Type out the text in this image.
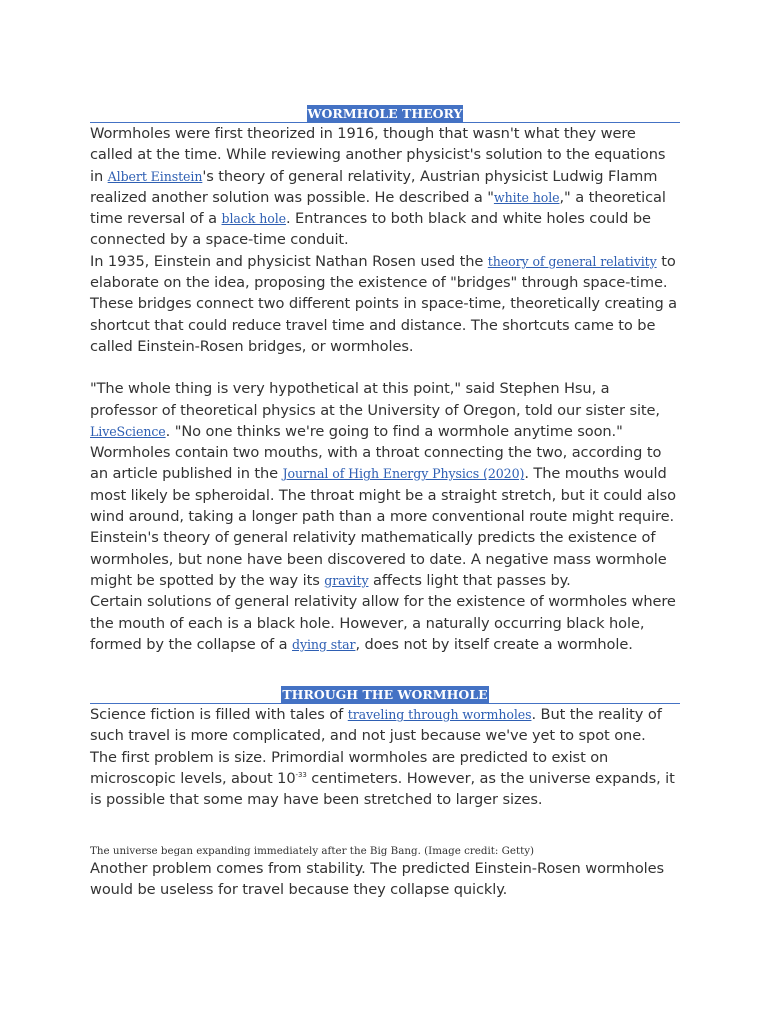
WORMHOLE THEORY

Wormholes were first theorized in 1916, though that wasn't what they were called at the time. While reviewing another physicist's solution to the equations in Albert Einstein's theory of general relativity, Austrian physicist Ludwig Flamm realized another solution was possible. He described a "white hole," a theoretical time reversal of a black hole. Entrances to both black and white holes could be connected by a space-time conduit.

In 1935, Einstein and physicist Nathan Rosen used the theory of general relativity to elaborate on the idea, proposing the existence of "bridges" through space-time. These bridges connect two different points in space-time, theoretically creating a shortcut that could reduce travel time and distance. The shortcuts came to be called Einstein-Rosen bridges, or wormholes.

"The whole thing is very hypothetical at this point," said Stephen Hsu, a professor of theoretical physics at the University of Oregon, told our sister site, LiveScience. "No one thinks we're going to find a wormhole anytime soon."

Wormholes contain two mouths, with a throat connecting the two, according to an article published in the Journal of High Energy Physics (2020). The mouths would most likely be spheroidal. The throat might be a straight stretch, but it could also wind around, taking a longer path than a more conventional route might require.

Einstein's theory of general relativity mathematically predicts the existence of wormholes, but none have been discovered to date. A negative mass wormhole might be spotted by the way its gravity affects light that passes by.

Certain solutions of general relativity allow for the existence of wormholes where the mouth of each is a black hole. However, a naturally occurring black hole, formed by the collapse of a dying star, does not by itself create a wormhole.

THROUGH THE WORMHOLE

Science fiction is filled with tales of traveling through wormholes. But the reality of such travel is more complicated, and not just because we've yet to spot one.

The first problem is size. Primordial wormholes are predicted to exist on microscopic levels, about $10^{-33}$ centimeters. However, as the universe expands, it is possible that some may have been stretched to larger sizes.

The universe began expanding immediately after the Big Bang. (Image credit: Getty)

Another problem comes from stability. The predicted Einstein-Rosen wormholes would be useless for travel because they collapse quickly.
